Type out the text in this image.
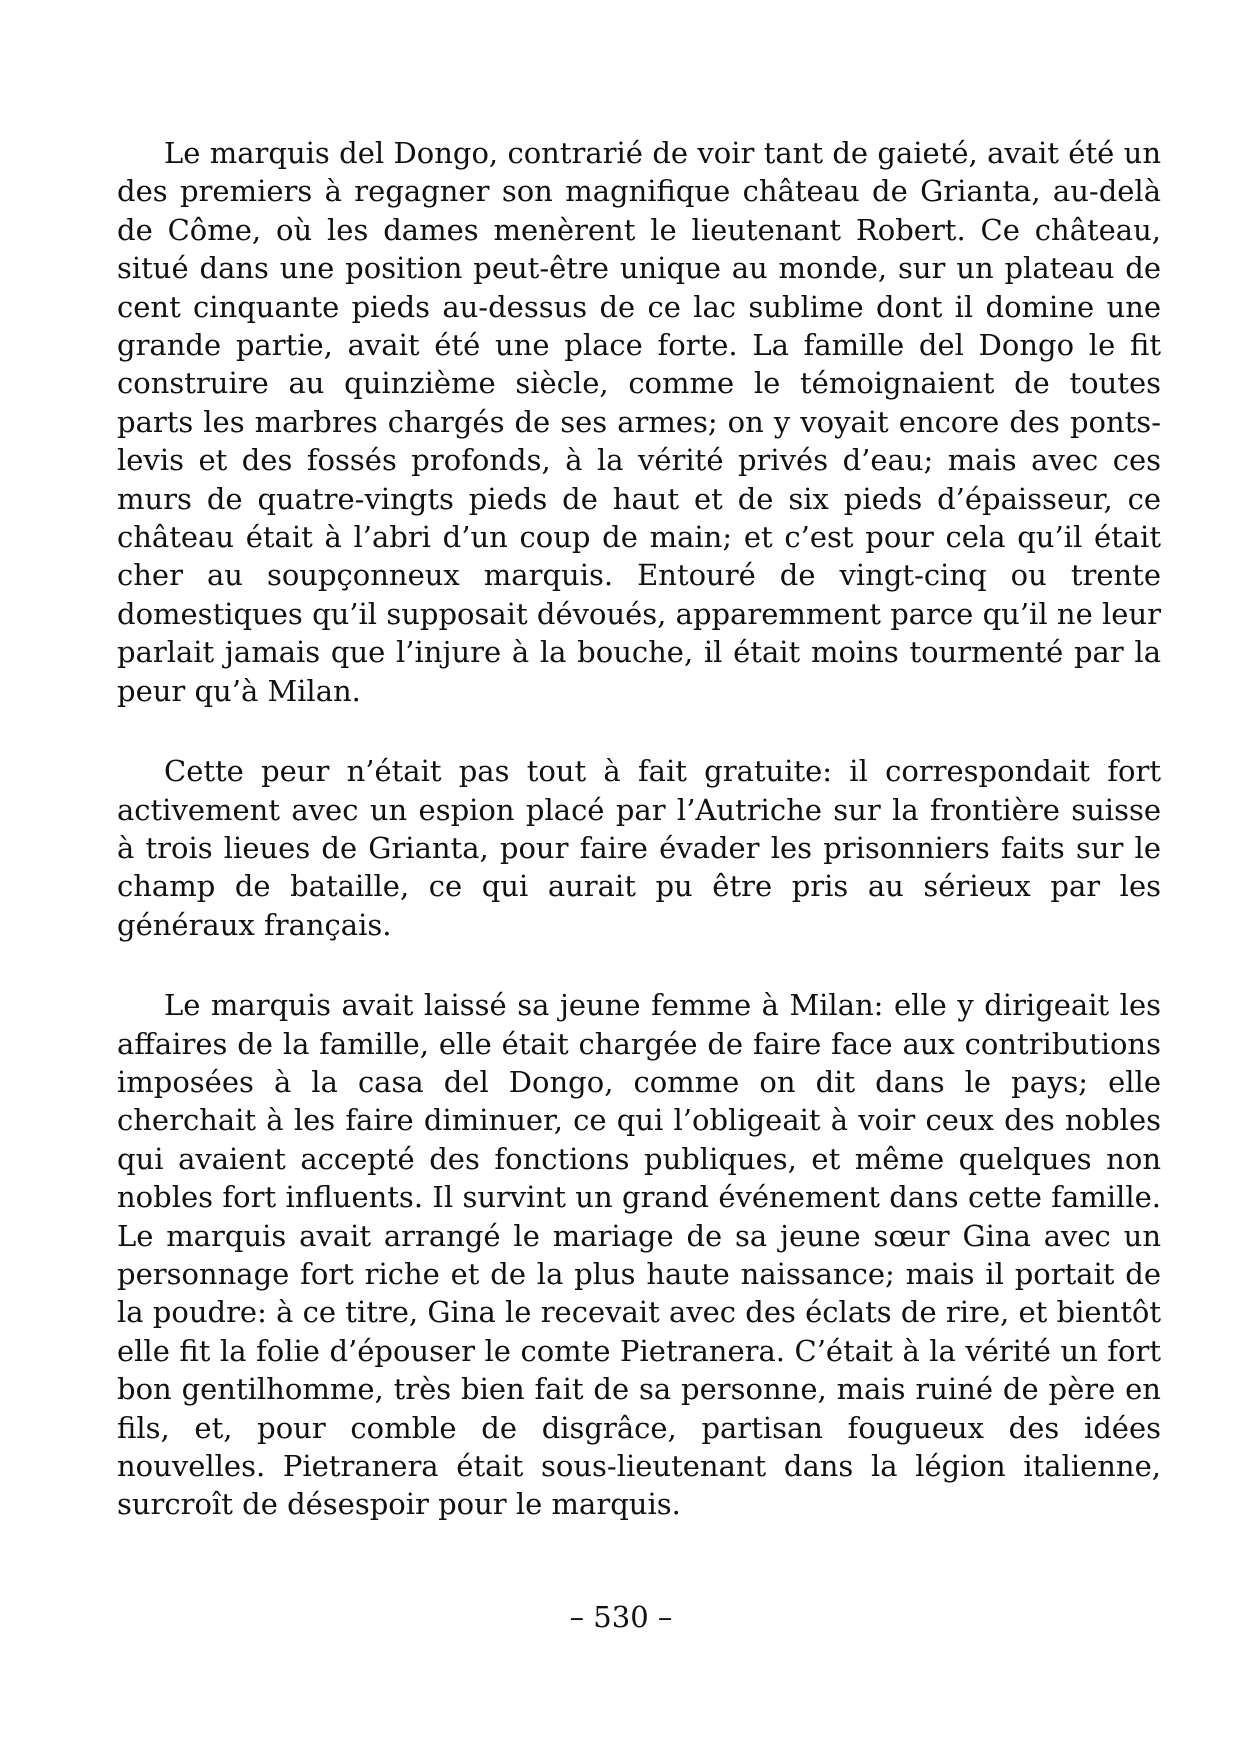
Le marquis del Dongo, contrarié de voir tant de gaieté, avait été un des premiers à regagner son magnifique château de Grianta, au-delà de Côme, où les dames menèrent le lieutenant Robert. Ce château, situé dans une position peut-être unique au monde, sur un plateau de cent cinquante pieds au-dessus de ce lac sublime dont il domine une grande partie, avait été une place forte. La famille del Dongo le fit construire au quinzième siècle, comme le témoignaient de toutes parts les marbres chargés de ses armes; on y voyait encore des ponts-levis et des fossés profonds, à la vérité privés d’eau; mais avec ces murs de quatre-vingts pieds de haut et de six pieds d’épaisseur, ce château était à l’abri d’un coup de main; et c’est pour cela qu’il était cher au soupçonneux marquis. Entouré de vingt-cinq ou trente domestiques qu’il supposait dévoués, apparemment parce qu’il ne leur parlait jamais que l’injure à la bouche, il était moins tourmenté par la peur qu’à Milan.

Cette peur n’était pas tout à fait gratuite: il correspondait fort activement avec un espion placé par l’Autriche sur la frontière suisse à trois lieues de Grianta, pour faire évader les prisonniers faits sur le champ de bataille, ce qui aurait pu être pris au sérieux par les généraux français.

Le marquis avait laissé sa jeune femme à Milan: elle y dirigeait les affaires de la famille, elle était chargée de faire face aux contributions imposées à la casa del Dongo, comme on dit dans le pays; elle cherchait à les faire diminuer, ce qui l’obligeait à voir ceux des nobles qui avaient accepté des fonctions publiques, et même quelques non nobles fort influents. Il survint un grand événement dans cette famille. Le marquis avait arrangé le mariage de sa jeune sœur Gina avec un personnage fort riche et de la plus haute naissance; mais il portait de la poudre: à ce titre, Gina le recevait avec des éclats de rire, et bientôt elle fit la folie d’épouser le comte Pietranera. C’était à la vérité un fort bon gentilhomme, très bien fait de sa personne, mais ruiné de père en fils, et, pour comble de disgrâce, partisan fougueux des idées nouvelles. Pietranera était sous-lieutenant dans la légion italienne, surcroît de désespoir pour le marquis.

– 530 –
